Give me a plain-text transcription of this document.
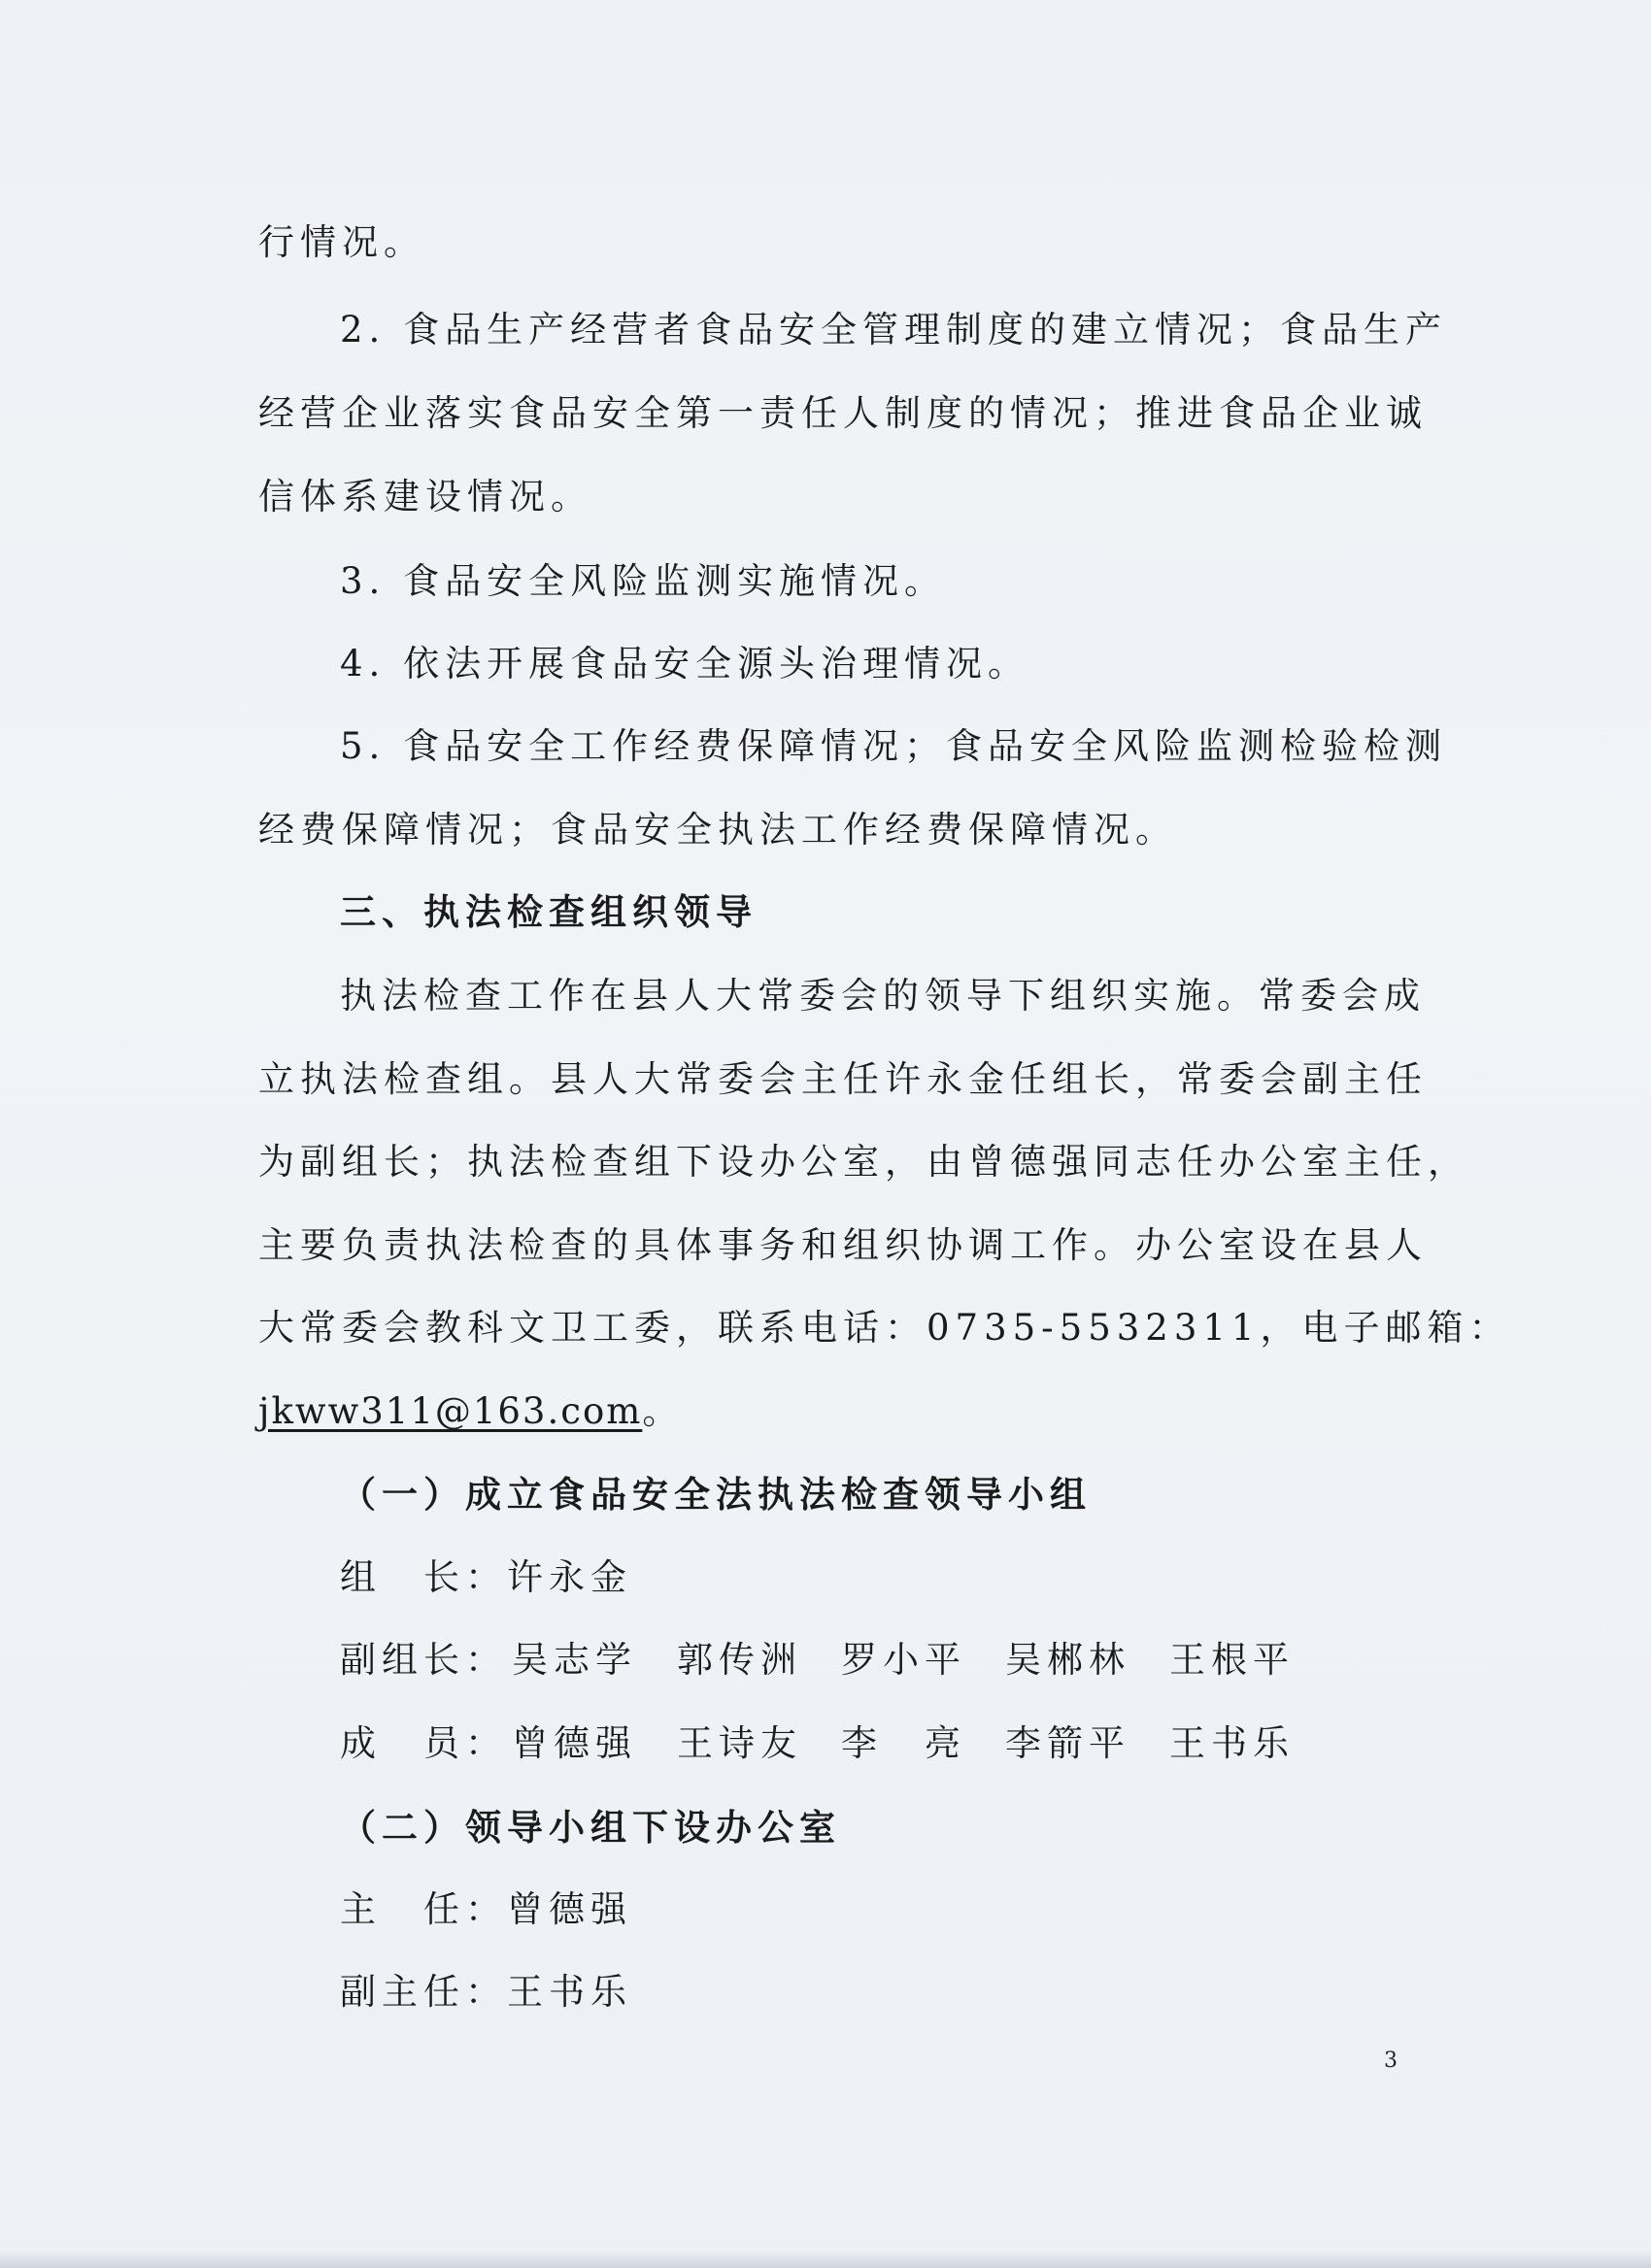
行情况。
2. 食品生产经营者食品安全管理制度的建立情况；食品生产
经营企业落实食品安全第一责任人制度的情况；推进食品企业诚
信体系建设情况。
3. 食品安全风险监测实施情况。
4. 依法开展食品安全源头治理情况。
5. 食品安全工作经费保障情况；食品安全风险监测检验检测
经费保障情况；食品安全执法工作经费保障情况。
三、执法检查组织领导
执法检查工作在县人大常委会的领导下组织实施。常委会成
立执法检查组。县人大常委会主任许永金任组长，常委会副主任
为副组长；执法检查组下设办公室，由曾德强同志任办公室主任，
主要负责执法检查的具体事务和组织协调工作。办公室设在县人
大常委会教科文卫工委，联系电话：0735-5532311，电子邮箱：
jkww311@163.com。
（一）成立食品安全法执法检查领导小组
组　长：许永金
副组长： 吴志学 郭传洲 罗小平 吴郴林 王根平
成　员： 曾德强 王诗友 李　亮 李箭平 王书乐
（二）领导小组下设办公室
主　任：曾德强
副主任：王书乐
3
